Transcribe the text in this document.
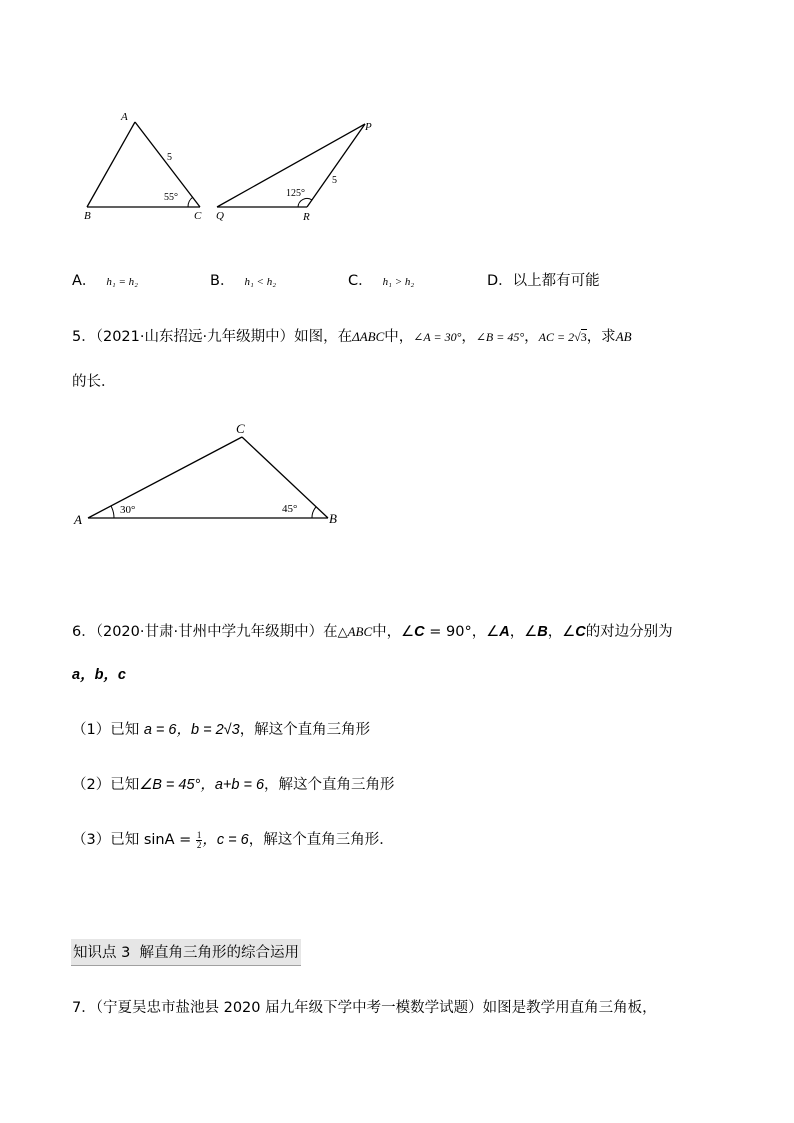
A
B	C
5
55°
P
Q	R
5
125°
A． h₁ = h₂	B． h₁ < h₂	C． h₁ > h₂	D．以上都有可能
5．（2021·山东招远·九年级期中）如图，在ΔABC中，∠A = 30°，∠B = 45°，AC = 2√3，求AB
的长．
C
A	B
30°	45°
6．（2020·甘肃·甘州中学九年级期中）在△ABC中，∠C = 90°，∠A，∠B，∠C的对边分别为
a，b，c
（1）已知 a = 6，b = 2√3，解这个直角三角形
（2）已知∠B = 45°，a+b = 6，解这个直角三角形
（3）已知 $\sin A = \frac{1}{2}$ ，c = 6，解这个直角三角形．
知识点 3  解直角三角形的综合运用
7．（宁夏吴忠市盐池县 2020 届九年级下学中考一模数学试题）如图是教学用直角三角板，
